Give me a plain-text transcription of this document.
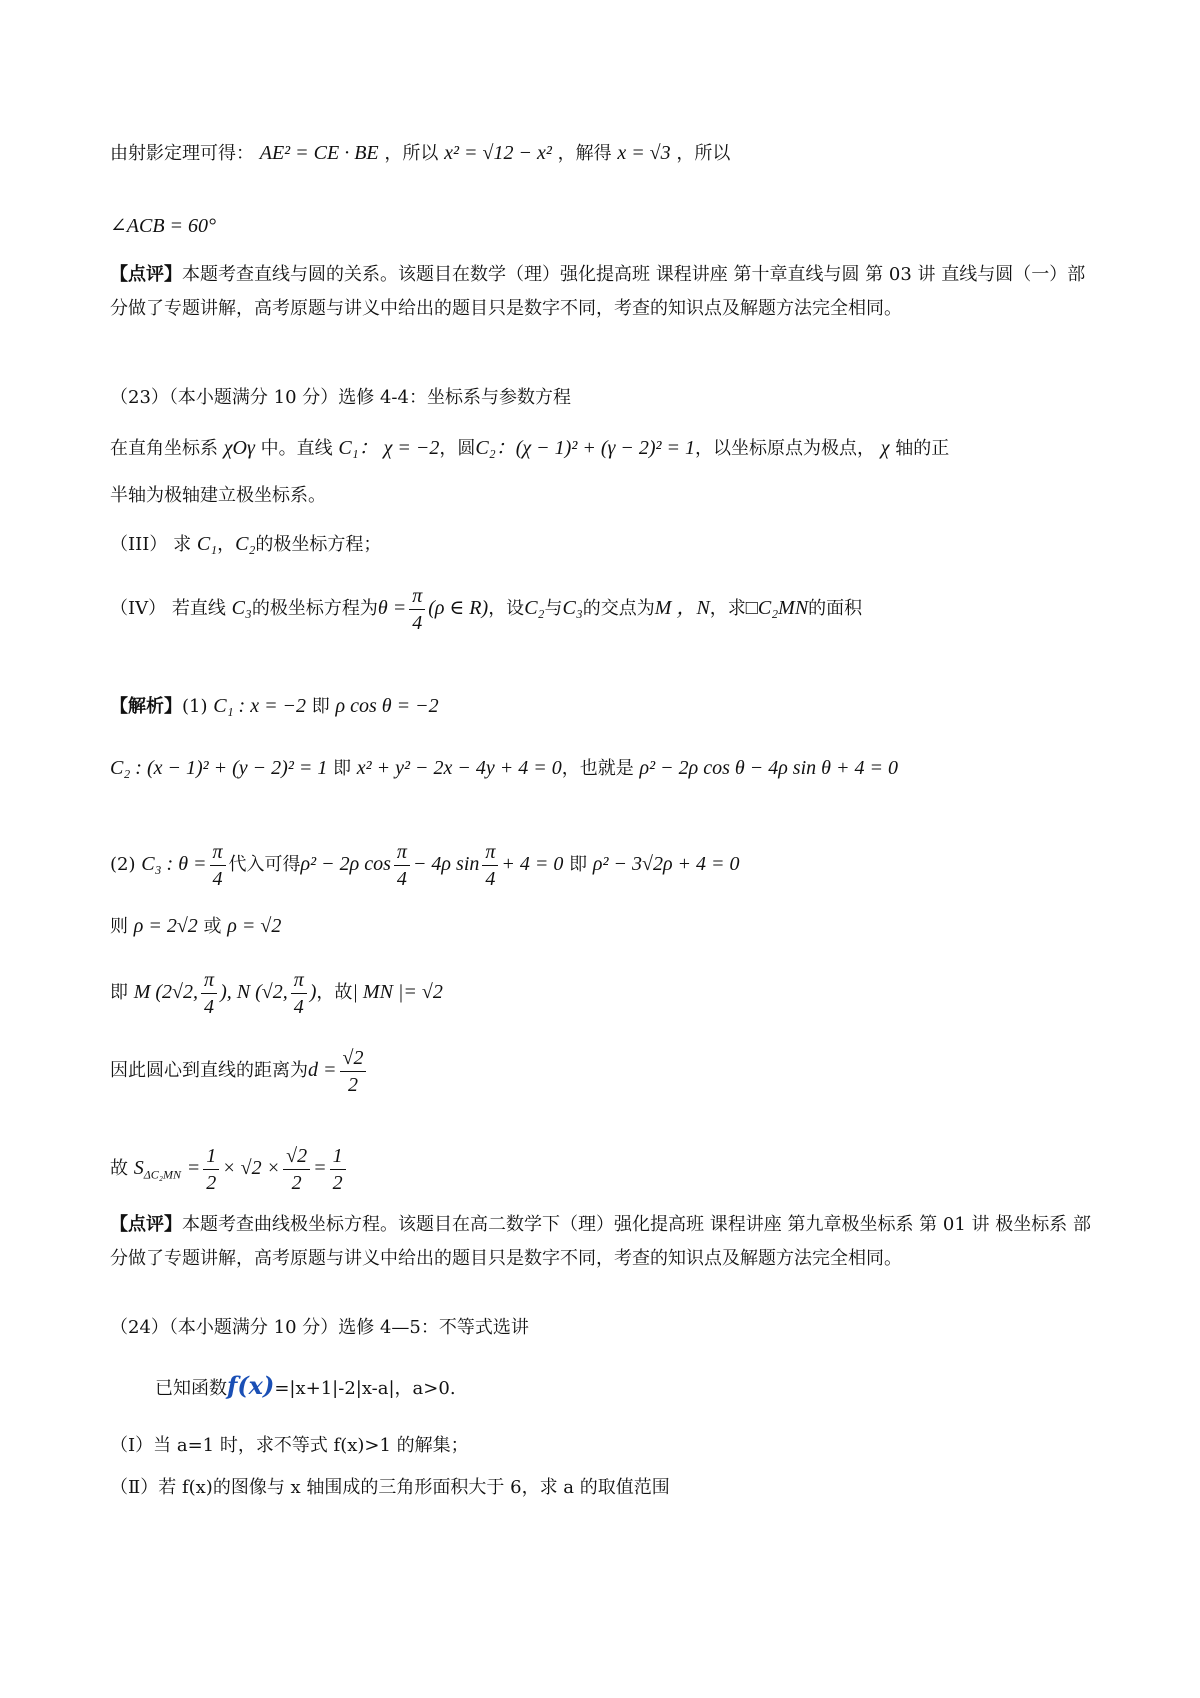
由射影定理可得： AE² = CE · BE ，所以 x² = √12 − x² ，解得 x = √3 ，所以
∠ACB = 60°
【点评】本题考查直线与圆的关系。该题目在数学（理）强化提高班 课程讲座 第十章直线与圆 第 03 讲 直线与圆（一）部分做了专题讲解，高考原题与讲义中给出的题目只是数字不同，考查的知识点及解题方法完全相同。
（23）（本小题满分 10 分）选修 4-4：坐标系与参数方程
在直角坐标系 χOγ 中。直线 C₁： χ = −2，圆C₂：(χ − 1)² + (γ − 2)² = 1，以坐标原点为极点， χ 轴的正
半轴为极轴建立极坐标系。
（III） 求 C₁，C₂的极坐标方程；
（IV） 若直线 C₃的极坐标方程为$\theta = \frac{\pi}{4} (\rho$ ∈ R)，设C₂与C₃的交点为M ，N，求□C₂MN的面积
【解析】(1) C₁ : x = −2 即 ρ cos θ = −2
C₂ : (x − 1)² + (y − 2)² = 1 即 x² + y² − 2x − 4y + 4 = 0，也就是 ρ² − 2ρ cos θ − 4ρ sin θ + 4 = 0
(2) C₃ : $\theta = \frac{\pi}{4}$ 代入可得ρ² − 2ρ $\cos \frac{\pi}{4} - 4\rho$ $\sin \frac{\pi}{4} + 4 = 0$ 即 ρ² − 3√2ρ + 4 = 0
则 ρ = 2√2 或 ρ = √2
即 M (2√2, $\frac{\pi}{4}$ ), N (√2, $\frac{\pi}{4}$ )，故| MN |= √2
因此圆心到直线的距离为$d = \frac{√2}{2}$
故 $S_{\Delta C_2MN} = \frac{1}{2} \times √2 \times \frac{√2}{2} = \frac{1}{2}$
【点评】本题考查曲线极坐标方程。该题目在高二数学下（理）强化提高班 课程讲座 第九章极坐标系 第 01 讲 极坐标系 部分做了专题讲解，高考原题与讲义中给出的题目只是数字不同，考查的知识点及解题方法完全相同。
（24）（本小题满分 10 分）选修 4—5：不等式选讲
已知函数f(x)=|x+1|-2|x-a|，a>0.
（Ⅰ）当 a=1 时，求不等式 f(x)>1 的解集；
（Ⅱ）若 f(x)的图像与 x 轴围成的三角形面积大于 6，求 a 的取值范围
